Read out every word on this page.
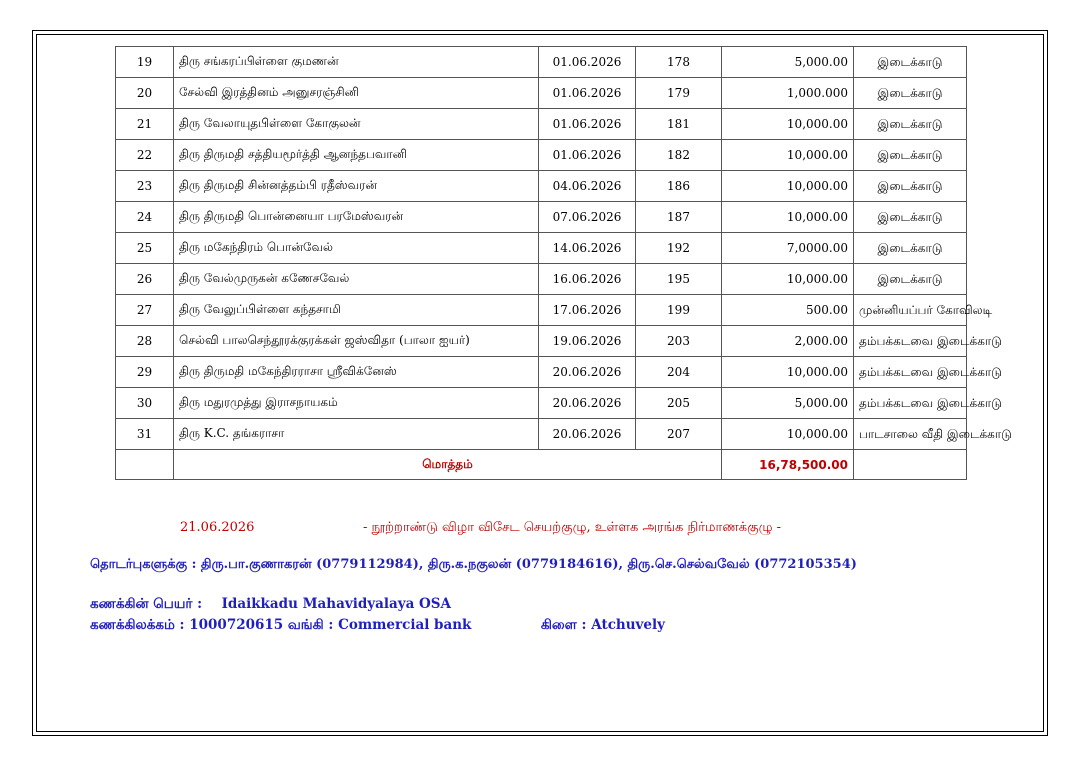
19	திரு சங்கரப்பிள்ளை குமணன்	01.06.2026	178	5,000.00	இடைக்காடு
20	சேல்வி இரத்தினம் அனுசரஞ்சினி	01.06.2026	179	1,000.000	இடைக்காடு
21	திரு வேலாயுதபிள்ளை கோகுலன்	01.06.2026	181	10,000.00	இடைக்காடு
22	திரு திருமதி சத்தியமூர்த்தி ஆனந்தபவானி	01.06.2026	182	10,000.00	இடைக்காடு
23	திரு திருமதி சின்னத்தம்பி ரதீஸ்வரன்	04.06.2026	186	10,000.00	இடைக்காடு
24	திரு திருமதி பொன்னையா பரமேஸ்வரன்	07.06.2026	187	10,000.00	இடைக்காடு
25	திரு மகேந்திரம் பொன்வேல்	14.06.2026	192	7,0000.00	இடைக்காடு
26	திரு வேல்முருகன் கணேசவேல்	16.06.2026	195	10,000.00	இடைக்காடு
27	திரு வேலுப்பிள்ளை கந்தசாமி	17.06.2026	199	500.00	முன்னியப்பர் கோவிலடி
28	செல்வி பாலசெந்தூரக்குரக்கள் ஜஸ்விதா (பாலா ஐயர்)	19.06.2026	203	2,000.00	தம்பக்கடவை இடைக்காடு
29	திரு திருமதி மகேந்திரராசா ஸ்ரீவிக்னேஸ்	20.06.2026	204	10,000.00	தம்பக்கடவை இடைக்காடு
30	திரு மதுரமுத்து இராசநாயகம்	20.06.2026	205	5,000.00	தம்பக்கடவை இடைக்காடு
31	திரு K.C. தங்கராசா	20.06.2026	207	10,000.00	பாடசாலை வீதி இடைக்காடு
	மொத்தம்			16,78,500.00	
21.06.2026	- நூற்றாண்டு விழா விசேட செயற்குழு, உள்ளக அரங்க நிர்மாணக்குழு -
தொடர்புகளுக்கு : திரு.பா.குணாகரன் (0779112984), திரு.க.நகுலன் (0779184616), திரு.செ.செல்வவேல் (0772105354)
கணக்கின் பெயர் : Idaikkadu Mahavidyalaya OSA
கணக்கிலக்கம் : 1000720615 வங்கி : Commercial bank	கிளை : Atchuvely
